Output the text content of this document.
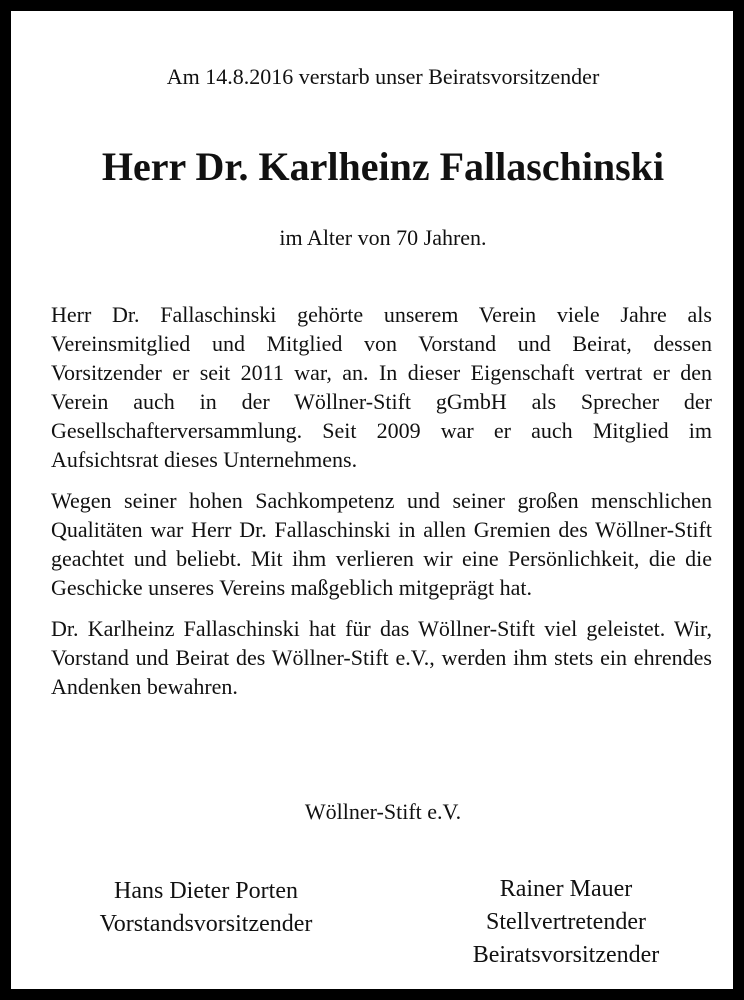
Am 14.8.2016 verstarb unser Beiratsvorsitzender
Herr Dr. Karlheinz Fallaschinski
im Alter von 70 Jahren.

Herr Dr. Fallaschinski gehörte unserem Verein viele Jahre als Vereinsmitglied und Mitglied von Vorstand und Beirat, dessen Vorsitzender er seit 2011 war, an. In dieser Eigenschaft vertrat er den Verein auch in der Wöllner-Stift gGmbH als Sprecher der Gesellschafterversammlung. Seit 2009 war er auch Mitglied im Aufsichtsrat dieses Unternehmens.

Wegen seiner hohen Sachkompetenz und seiner großen menschlichen Qualitäten war Herr Dr. Fallaschinski in allen Gremien des Wöllner-Stift geachtet und beliebt. Mit ihm verlieren wir eine Persönlichkeit, die die Geschicke unseres Vereins maßgeblich mitgeprägt hat.

Dr. Karlheinz Fallaschinski hat für das Wöllner-Stift viel geleistet. Wir, Vorstand und Beirat des Wöllner-Stift e.V., werden ihm stets ein ehrendes Andenken bewahren.

Wöllner-Stift e.V.
Hans Dieter Porten
Vorstandsvorsitzender
Rainer Mauer
Stellvertretender
Beiratsvorsitzender
